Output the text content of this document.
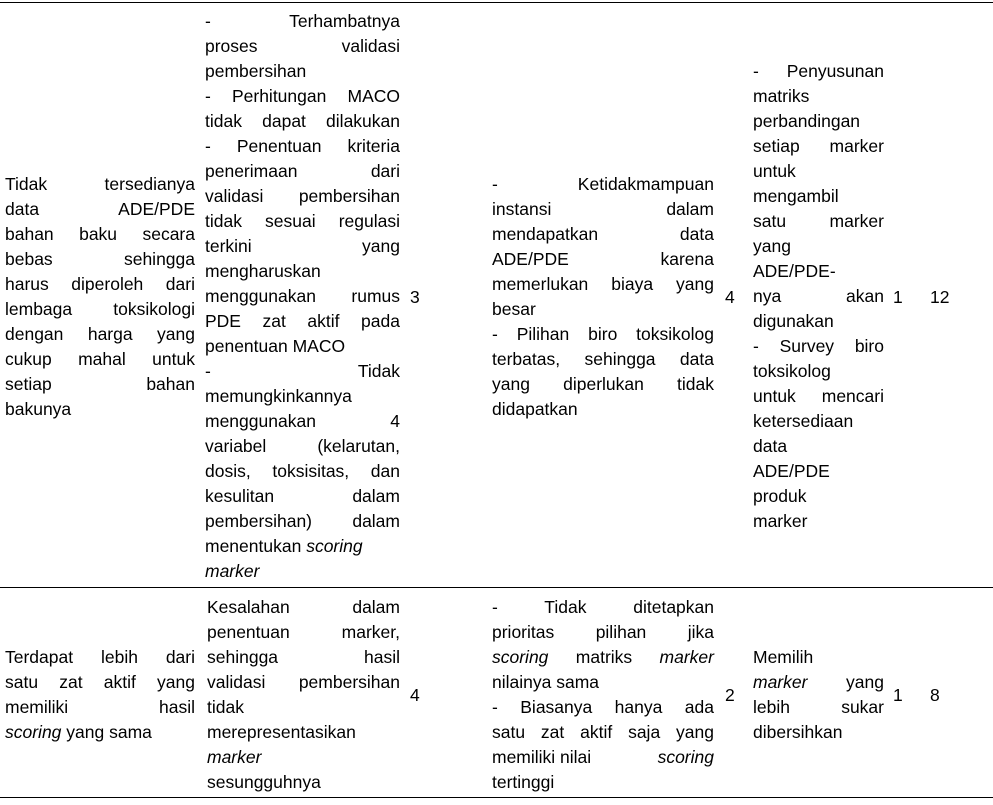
Tidak tersedianya
data ADE/PDE
bahan baku secara
bebas sehingga
harus diperoleh dari
lembaga toksikologi
dengan harga yang
cukup mahal untuk
setiap bahan
bakunya
- Terhambatnya
proses validasi
pembersihan
- Perhitungan MACO
tidak dapat dilakukan
- Penentuan kriteria
penerimaan dari
validasi pembersihan
tidak sesuai regulasi
terkini yang
mengharuskan
menggunakan rumus
PDE zat aktif pada
penentuan MACO
- Tidak
memungkinkannya
menggunakan 4
variabel (kelarutan,
dosis, toksisitas, dan
kesulitan dalam
pembersihan) dalam
menentukan scoring
marker
3
- Ketidakmampuan
instansi dalam
mendapatkan data
ADE/PDE karena
memerlukan biaya yang
besar
- Pilihan biro toksikolog
terbatas, sehingga data
yang diperlukan tidak
didapatkan
4
- Penyusunan
matriks
perbandingan
setiap marker
untuk
mengambil
satu marker
yang
ADE/PDE-
nya akan
digunakan
- Survey biro
toksikolog
untuk mencari
ketersediaan
data
ADE/PDE
produk
marker
1 12
Terdapat lebih dari
satu zat aktif yang
memiliki hasil
scoring yang sama
Kesalahan dalam
penentuan marker,
sehingga hasil
validasi pembersihan
tidak
merepresentasikan
marker
sesungguhnya
4
- Tidak ditetapkan
prioritas pilihan jika
scoring matriks marker
nilainya sama
- Biasanya hanya ada
satu zat aktif saja yang
memiliki nilai	scoring
tertinggi
2
Memilih
marker yang
lebih sukar
dibersihkan
1 8
